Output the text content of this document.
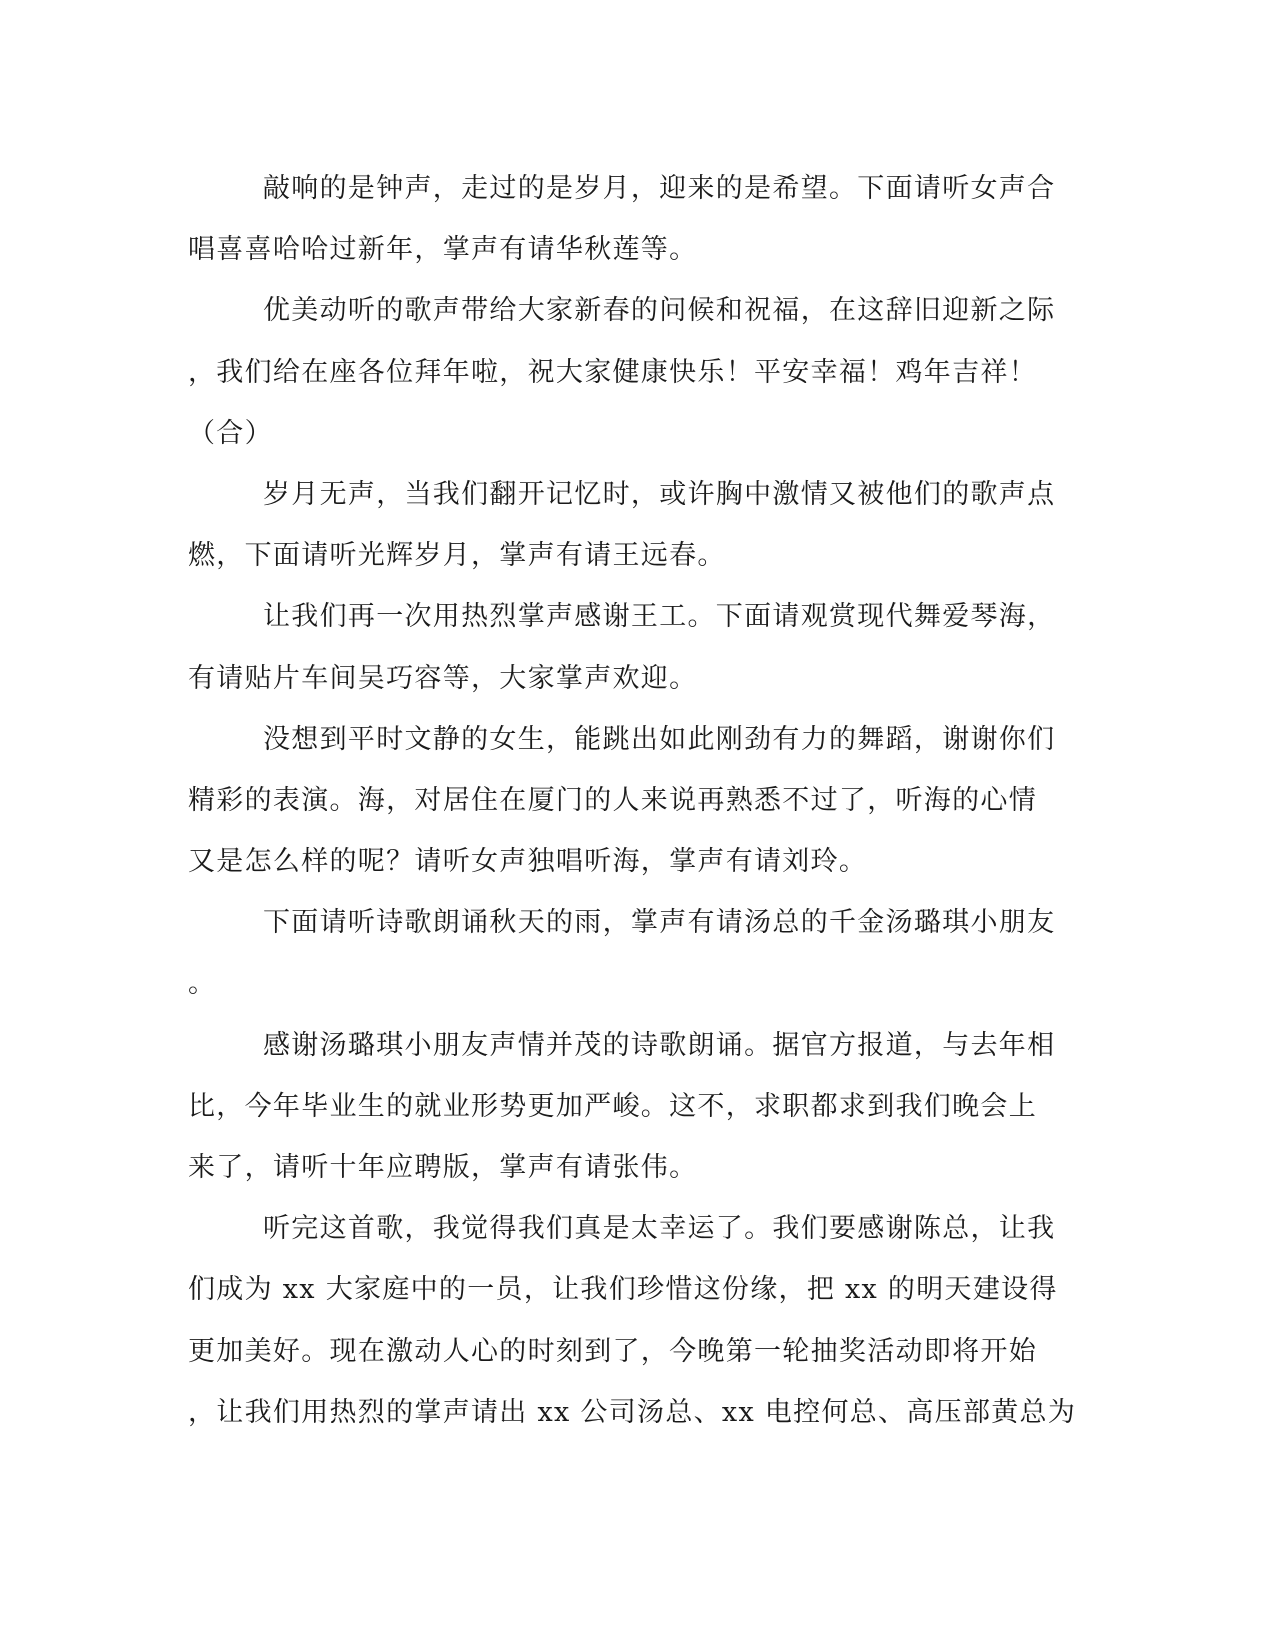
敲响的是钟声，走过的是岁月，迎来的是希望。下面请听女声合
唱喜喜哈哈过新年，掌声有请华秋莲等。
优美动听的歌声带给大家新春的问候和祝福，在这辞旧迎新之际
，我们给在座各位拜年啦，祝大家健康快乐！平安幸福！鸡年吉祥！
（合）
岁月无声，当我们翻开记忆时，或许胸中激情又被他们的歌声点
燃，下面请听光辉岁月，掌声有请王远春。
让我们再一次用热烈掌声感谢王工。下面请观赏现代舞爱琴海，
有请贴片车间吴巧容等，大家掌声欢迎。
没想到平时文静的女生，能跳出如此刚劲有力的舞蹈，谢谢你们
精彩的表演。海，对居住在厦门的人来说再熟悉不过了，听海的心情
又是怎么样的呢？请听女声独唱听海，掌声有请刘玲。
下面请听诗歌朗诵秋天的雨，掌声有请汤总的千金汤璐琪小朋友
。
感谢汤璐琪小朋友声情并茂的诗歌朗诵。据官方报道，与去年相
比，今年毕业生的就业形势更加严峻。这不，求职都求到我们晚会上
来了，请听十年应聘版，掌声有请张伟。
听完这首歌，我觉得我们真是太幸运了。我们要感谢陈总，让我
们成为 xx 大家庭中的一员，让我们珍惜这份缘，把 xx 的明天建设得
更加美好。现在激动人心的时刻到了，今晚第一轮抽奖活动即将开始
，让我们用热烈的掌声请出 xx 公司汤总、xx 电控何总、高压部黄总为
